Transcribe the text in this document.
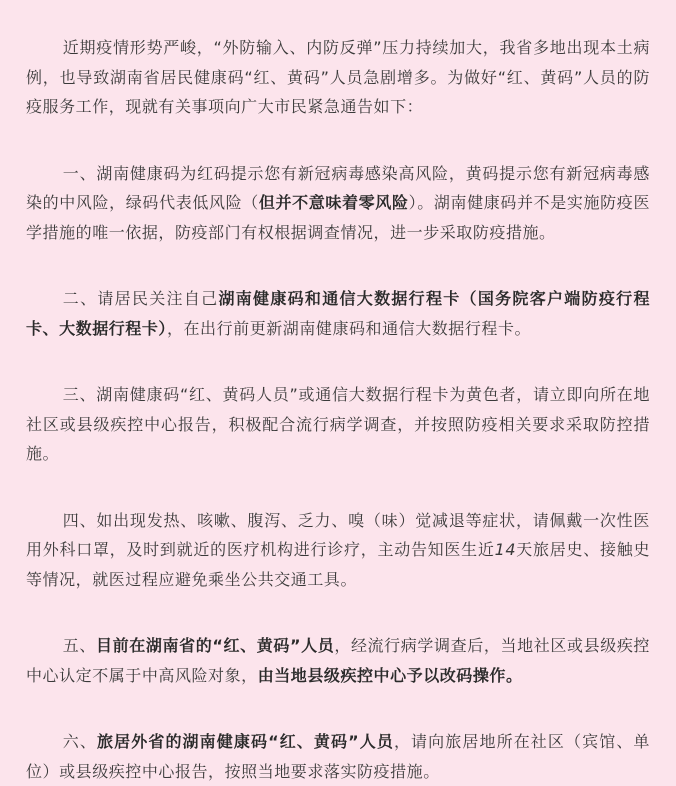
近期疫情形势严峻，“外防输入、内防反弹”压力持续加大，我省多地出现本土病例，也导致湖南省居民健康码“红、黄码”人员急剧增多。为做好“红、黄码”人员的防疫服务工作，现就有关事项向广大市民紧急通告如下：

一、湖南健康码为红码提示您有新冠病毒感染高风险，黄码提示您有新冠病毒感染的中风险，绿码代表低风险（但并不意味着零风险）。湖南健康码并不是实施防疫医学措施的唯一依据，防疫部门有权根据调查情况，进一步采取防疫措施。

二、请居民关注自己湖南健康码和通信大数据行程卡（国务院客户端防疫行程卡、大数据行程卡），在出行前更新湖南健康码和通信大数据行程卡。

三、湖南健康码“红、黄码人员”或通信大数据行程卡为黄色者，请立即向所在地社区或县级疾控中心报告，积极配合流行病学调查，并按照防疫相关要求采取防控措施。

四、如出现发热、咳嗽、腹泻、乏力、嗅（味）觉减退等症状，请佩戴一次性医用外科口罩，及时到就近的医疗机构进行诊疗，主动告知医生近14天旅居史、接触史等情况，就医过程应避免乘坐公共交通工具。

五、目前在湖南省的“红、黄码”人员，经流行病学调查后，当地社区或县级疾控中心认定不属于中高风险对象，由当地县级疾控中心予以改码操作。

六、旅居外省的湖南健康码“红、黄码”人员，请向旅居地所在社区（宾馆、单位）或县级疾控中心报告，按照当地要求落实防疫措施。
